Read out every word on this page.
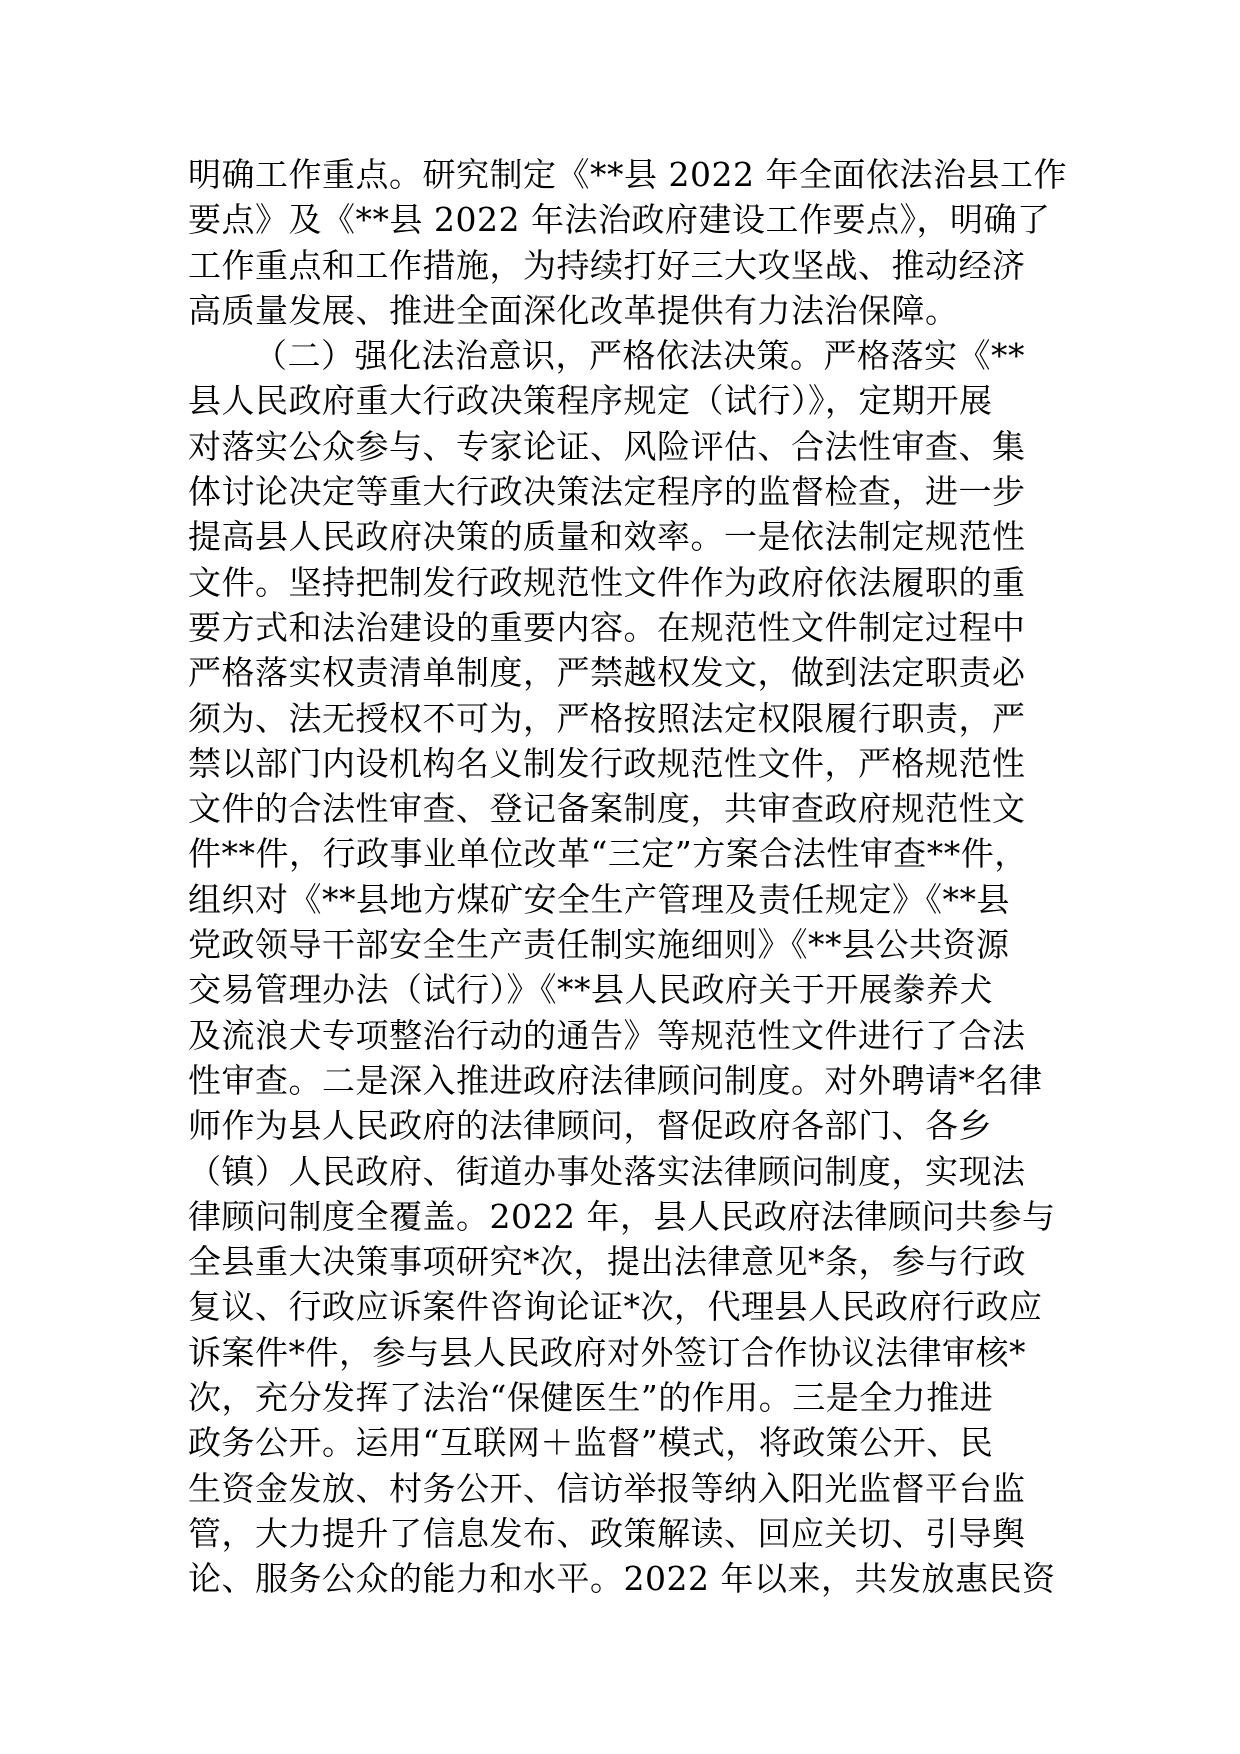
明确工作重点。研究制定《**县 2022 年全面依法治县工作
要点》及《**县 2022 年法治政府建设工作要点》，明确了
工作重点和工作措施，为持续打好三大攻坚战、推动经济
高质量发展、推进全面深化改革提供有力法治保障。
（二）强化法治意识，严格依法决策。严格落实《**
县人民政府重大行政决策程序规定（试行）》，定期开展
对落实公众参与、专家论证、风险评估、合法性审查、集
体讨论决定等重大行政决策法定程序的监督检查，进一步
提高县人民政府决策的质量和效率。一是依法制定规范性
文件。坚持把制发行政规范性文件作为政府依法履职的重
要方式和法治建设的重要内容。在规范性文件制定过程中
严格落实权责清单制度，严禁越权发文，做到法定职责必
须为、法无授权不可为，严格按照法定权限履行职责，严
禁以部门内设机构名义制发行政规范性文件，严格规范性
文件的合法性审查、登记备案制度，共审查政府规范性文
件**件，行政事业单位改革“三定”方案合法性审查**件，
组织对《**县地方煤矿安全生产管理及责任规定》《**县
党政领导干部安全生产责任制实施细则》《**县公共资源
交易管理办法（试行）》《**县人民政府关于开展豢养犬
及流浪犬专项整治行动的通告》等规范性文件进行了合法
性审查。二是深入推进政府法律顾问制度。对外聘请*名律
师作为县人民政府的法律顾问，督促政府各部门、各乡
（镇）人民政府、街道办事处落实法律顾问制度，实现法
律顾问制度全覆盖。2022 年，县人民政府法律顾问共参与
全县重大决策事项研究*次，提出法律意见*条，参与行政
复议、行政应诉案件咨询论证*次，代理县人民政府行政应
诉案件*件，参与县人民政府对外签订合作协议法律审核*
次，充分发挥了法治“保健医生”的作用。三是全力推进
政务公开。运用“互联网＋监督”模式，将政策公开、民
生资金发放、村务公开、信访举报等纳入阳光监督平台监
管，大力提升了信息发布、政策解读、回应关切、引导舆
论、服务公众的能力和水平。2022 年以来，共发放惠民资
